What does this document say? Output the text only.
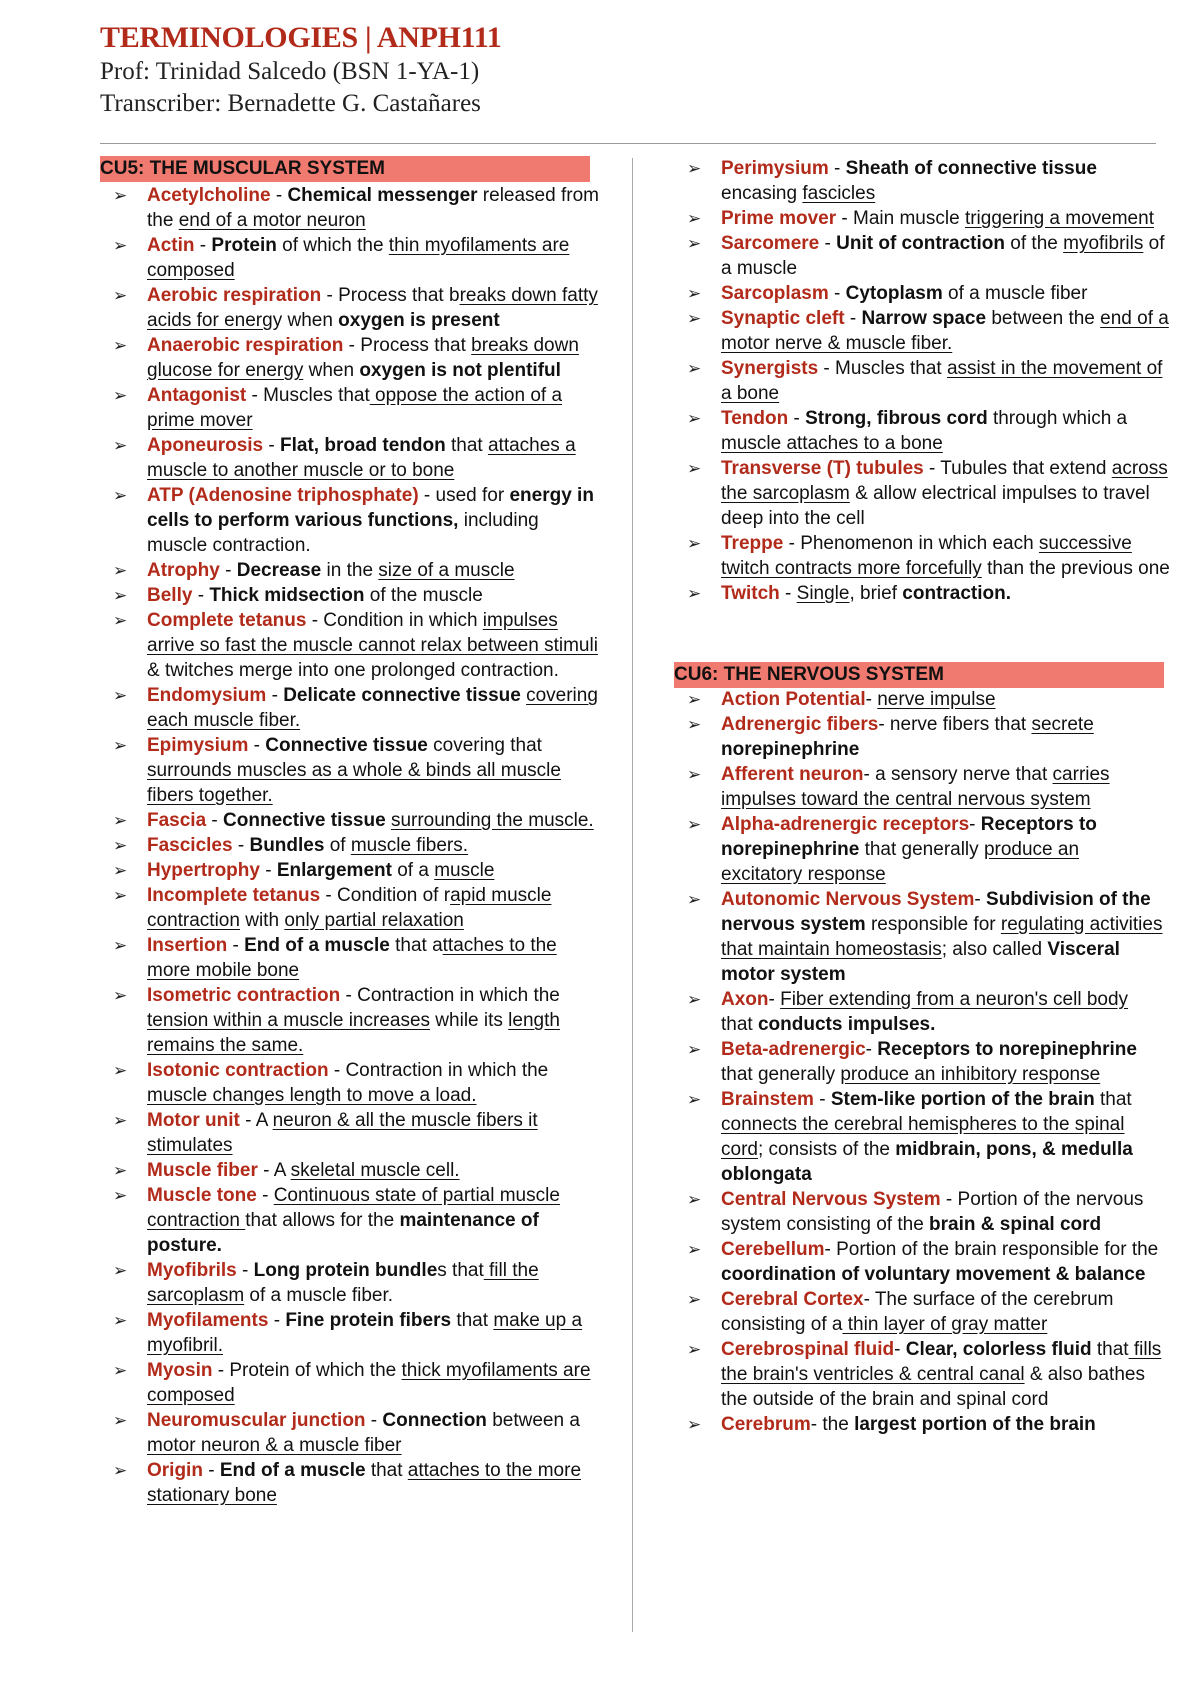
TERMINOLOGIES | ANPH111
Prof: Trinidad Salcedo (BSN 1-YA-1)
Transcriber: Bernadette G. Castañares
CU5: THE MUSCULAR SYSTEM
➢ Acetylcholine - Chemical messenger released from the end of a motor neuron
➢ Actin - Protein of which the thin myofilaments are composed
➢ Aerobic respiration - Process that breaks down fatty acids for energy when oxygen is present
➢ Anaerobic respiration - Process that breaks down glucose for energy when oxygen is not plentiful
➢ Antagonist - Muscles that oppose the action of a prime mover
➢ Aponeurosis - Flat, broad tendon that attaches a muscle to another muscle or to bone
➢ ATP (Adenosine triphosphate) - used for energy in cells to perform various functions, including muscle contraction.
➢ Atrophy - Decrease in the size of a muscle
➢ Belly - Thick midsection of the muscle
➢ Complete tetanus - Condition in which impulses arrive so fast the muscle cannot relax between stimuli & twitches merge into one prolonged contraction.
➢ Endomysium - Delicate connective tissue covering each muscle fiber.
➢ Epimysium - Connective tissue covering that surrounds muscles as a whole & binds all muscle fibers together.
➢ Fascia - Connective tissue surrounding the muscle.
➢ Fascicles - Bundles of muscle fibers.
➢ Hypertrophy - Enlargement of a muscle
➢ Incomplete tetanus - Condition of rapid muscle contraction with only partial relaxation
➢ Insertion - End of a muscle that attaches to the more mobile bone
➢ Isometric contraction - Contraction in which the tension within a muscle increases while its length remains the same.
➢ Isotonic contraction - Contraction in which the muscle changes length to move a load.
➢ Motor unit - A neuron & all the muscle fibers it stimulates
➢ Muscle fiber - A skeletal muscle cell.
➢ Muscle tone - Continuous state of partial muscle contraction that allows for the maintenance of posture.
➢ Myofibrils - Long protein bundles that fill the sarcoplasm of a muscle fiber.
➢ Myofilaments - Fine protein fibers that make up a myofibril.
➢ Myosin - Protein of which the thick myofilaments are composed
➢ Neuromuscular junction - Connection between a motor neuron & a muscle fiber
➢ Origin - End of a muscle that attaches to the more stationary bone
➢ Perimysium - Sheath of connective tissue encasing fascicles
➢ Prime mover - Main muscle triggering a movement
➢ Sarcomere - Unit of contraction of the myofibrils of a muscle
➢ Sarcoplasm - Cytoplasm of a muscle fiber
➢ Synaptic cleft - Narrow space between the end of a motor nerve & muscle fiber.
➢ Synergists - Muscles that assist in the movement of a bone
➢ Tendon - Strong, fibrous cord through which a muscle attaches to a bone
➢ Transverse (T) tubules - Tubules that extend across the sarcoplasm & allow electrical impulses to travel deep into the cell
➢ Treppe - Phenomenon in which each successive twitch contracts more forcefully than the previous one
➢ Twitch - Single, brief contraction.
CU6: THE NERVOUS SYSTEM
➢ Action Potential- nerve impulse
➢ Adrenergic fibers- nerve fibers that secrete norepinephrine
➢ Afferent neuron- a sensory nerve that carries impulses toward the central nervous system
➢ Alpha-adrenergic receptors- Receptors to norepinephrine that generally produce an excitatory response
➢ Autonomic Nervous System- Subdivision of the nervous system responsible for regulating activities that maintain homeostasis; also called Visceral motor system
➢ Axon- Fiber extending from a neuron's cell body that conducts impulses.
➢ Beta-adrenergic- Receptors to norepinephrine that generally produce an inhibitory response
➢ Brainstem - Stem-like portion of the brain that connects the cerebral hemispheres to the spinal cord; consists of the midbrain, pons, & medulla oblongata
➢ Central Nervous System - Portion of the nervous system consisting of the brain & spinal cord
➢ Cerebellum- Portion of the brain responsible for the coordination of voluntary movement & balance
➢ Cerebral Cortex- The surface of the cerebrum consisting of a thin layer of gray matter
➢ Cerebrospinal fluid- Clear, colorless fluid that fills the brain's ventricles & central canal & also bathes the outside of the brain and spinal cord
➢ Cerebrum- the largest portion of the brain
